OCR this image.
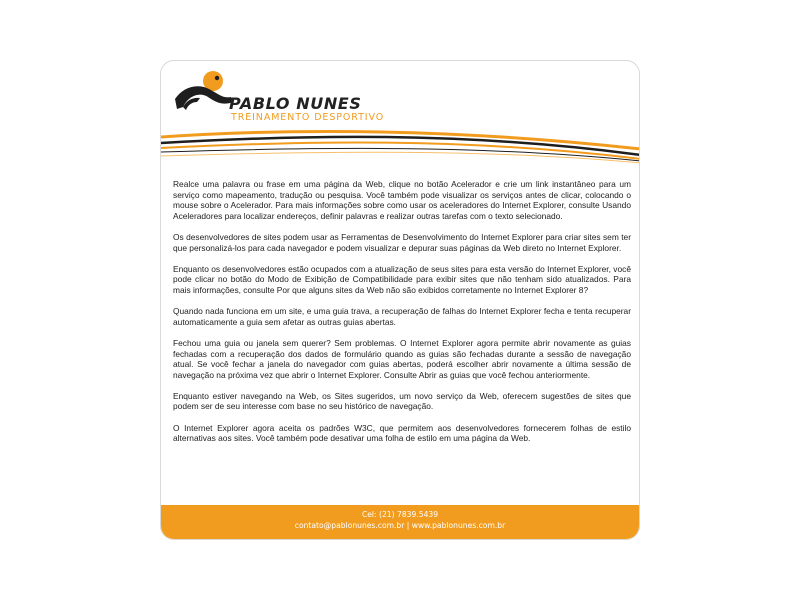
PABLO NUNES
TREINAMENTO DESPORTIVO

Realce uma palavra ou frase em uma página da Web, clique no botão Acelerador e crie um link instantâneo para um serviço como mapeamento, tradução ou pesquisa. Você também pode visualizar os serviços antes de clicar, colocando o mouse sobre o Acelerador. Para mais informações sobre como usar os aceleradores do Internet Explorer, consulte Usando Aceleradores para localizar endereços, definir palavras e realizar outras tarefas com o texto selecionado.

Os desenvolvedores de sites podem usar as Ferramentas de Desenvolvimento do Internet Explorer para criar sites sem ter que personalizá-los para cada navegador e podem visualizar e depurar suas páginas da Web direto no Internet Explorer.

Enquanto os desenvolvedores estão ocupados com a atualização de seus sites para esta versão do Internet Explorer, você pode clicar no botão do Modo de Exibição de Compatibilidade para exibir sites que não tenham sido atualizados. Para mais informações, consulte Por que alguns sites da Web não são exibidos corretamente no Internet Explorer 8?

Quando nada funciona em um site, e uma guia trava, a recuperação de falhas do Internet Explorer fecha e tenta recuperar automaticamente a guia sem afetar as outras guias abertas.

Fechou uma guia ou janela sem querer? Sem problemas. O Internet Explorer agora permite abrir novamente as guias fechadas com a recuperação dos dados de formulário quando as guias são fechadas durante a sessão de navegação atual. Se você fechar a janela do navegador com guias abertas, poderá escolher abrir novamente a última sessão de navegação na próxima vez que abrir o Internet Explorer. Consulte Abrir as guias que você fechou anteriormente.

Enquanto estiver navegando na Web, os Sites sugeridos, um novo serviço da Web, oferecem sugestões de sites que podem ser de seu interesse com base no seu histórico de navegação.

O Internet Explorer agora aceita os padrões W3C, que permitem aos desenvolvedores fornecerem folhas de estilo alternativas aos sites. Você também pode desativar uma folha de estilo em uma página da Web.

Cel: (21) 7839.5439
contato@pablonunes.com.br | www.pablonunes.com.br
